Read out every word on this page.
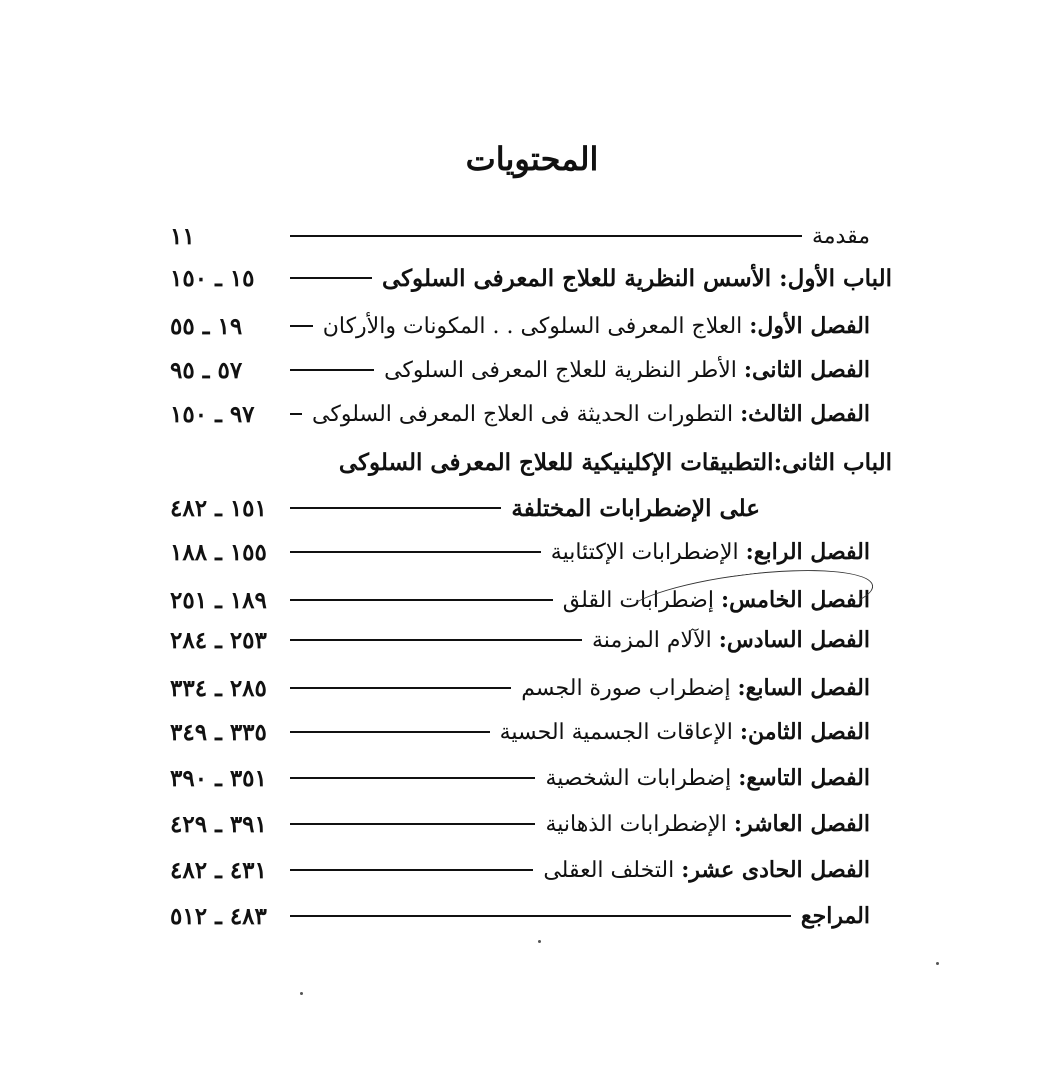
المحتويات
مقدمة
١١
الباب الأول: الأسس النظرية للعلاج المعرفى السلوكى
١٥ ـ ١٥٠
الفصل الأول: العلاج المعرفى السلوكى . . المكونات والأركان
١٩ ـ ٥٥
الفصل الثانى: الأطر النظرية للعلاج المعرفى السلوكى
٥٧ ـ ٩٥
الفصل الثالث: التطورات الحديثة فى العلاج المعرفى السلوكى
٩٧ ـ ١٥٠
الباب الثانى:
التطبيقات الإكلينيكية للعلاج المعرفى السلوكى
على الإضطرابات المختلفة
١٥١ ـ ٤٨٢
الفصل الرابع: الإضطرابات الإكتئابية
١٥٥ ـ ١٨٨
الفصل الخامس: إضطرابات القلق
١٨٩ ـ ٢٥١
الفصل السادس: الآلام المزمنة
٢٥٣ ـ ٢٨٤
الفصل السابع: إضطراب صورة الجسم
٢٨٥ ـ ٣٣٤
الفصل الثامن: الإعاقات الجسمية الحسية
٣٣٥ ـ ٣٤٩
الفصل التاسع: إضطرابات الشخصية
٣٥١ ـ ٣٩٠
الفصل العاشر: الإضطرابات الذهانية
٣٩١ ـ ٤٢٩
الفصل الحادى عشر: التخلف العقلى
٤٣١ ـ ٤٨٢
المراجع
٤٨٣ ـ ٥١٢
